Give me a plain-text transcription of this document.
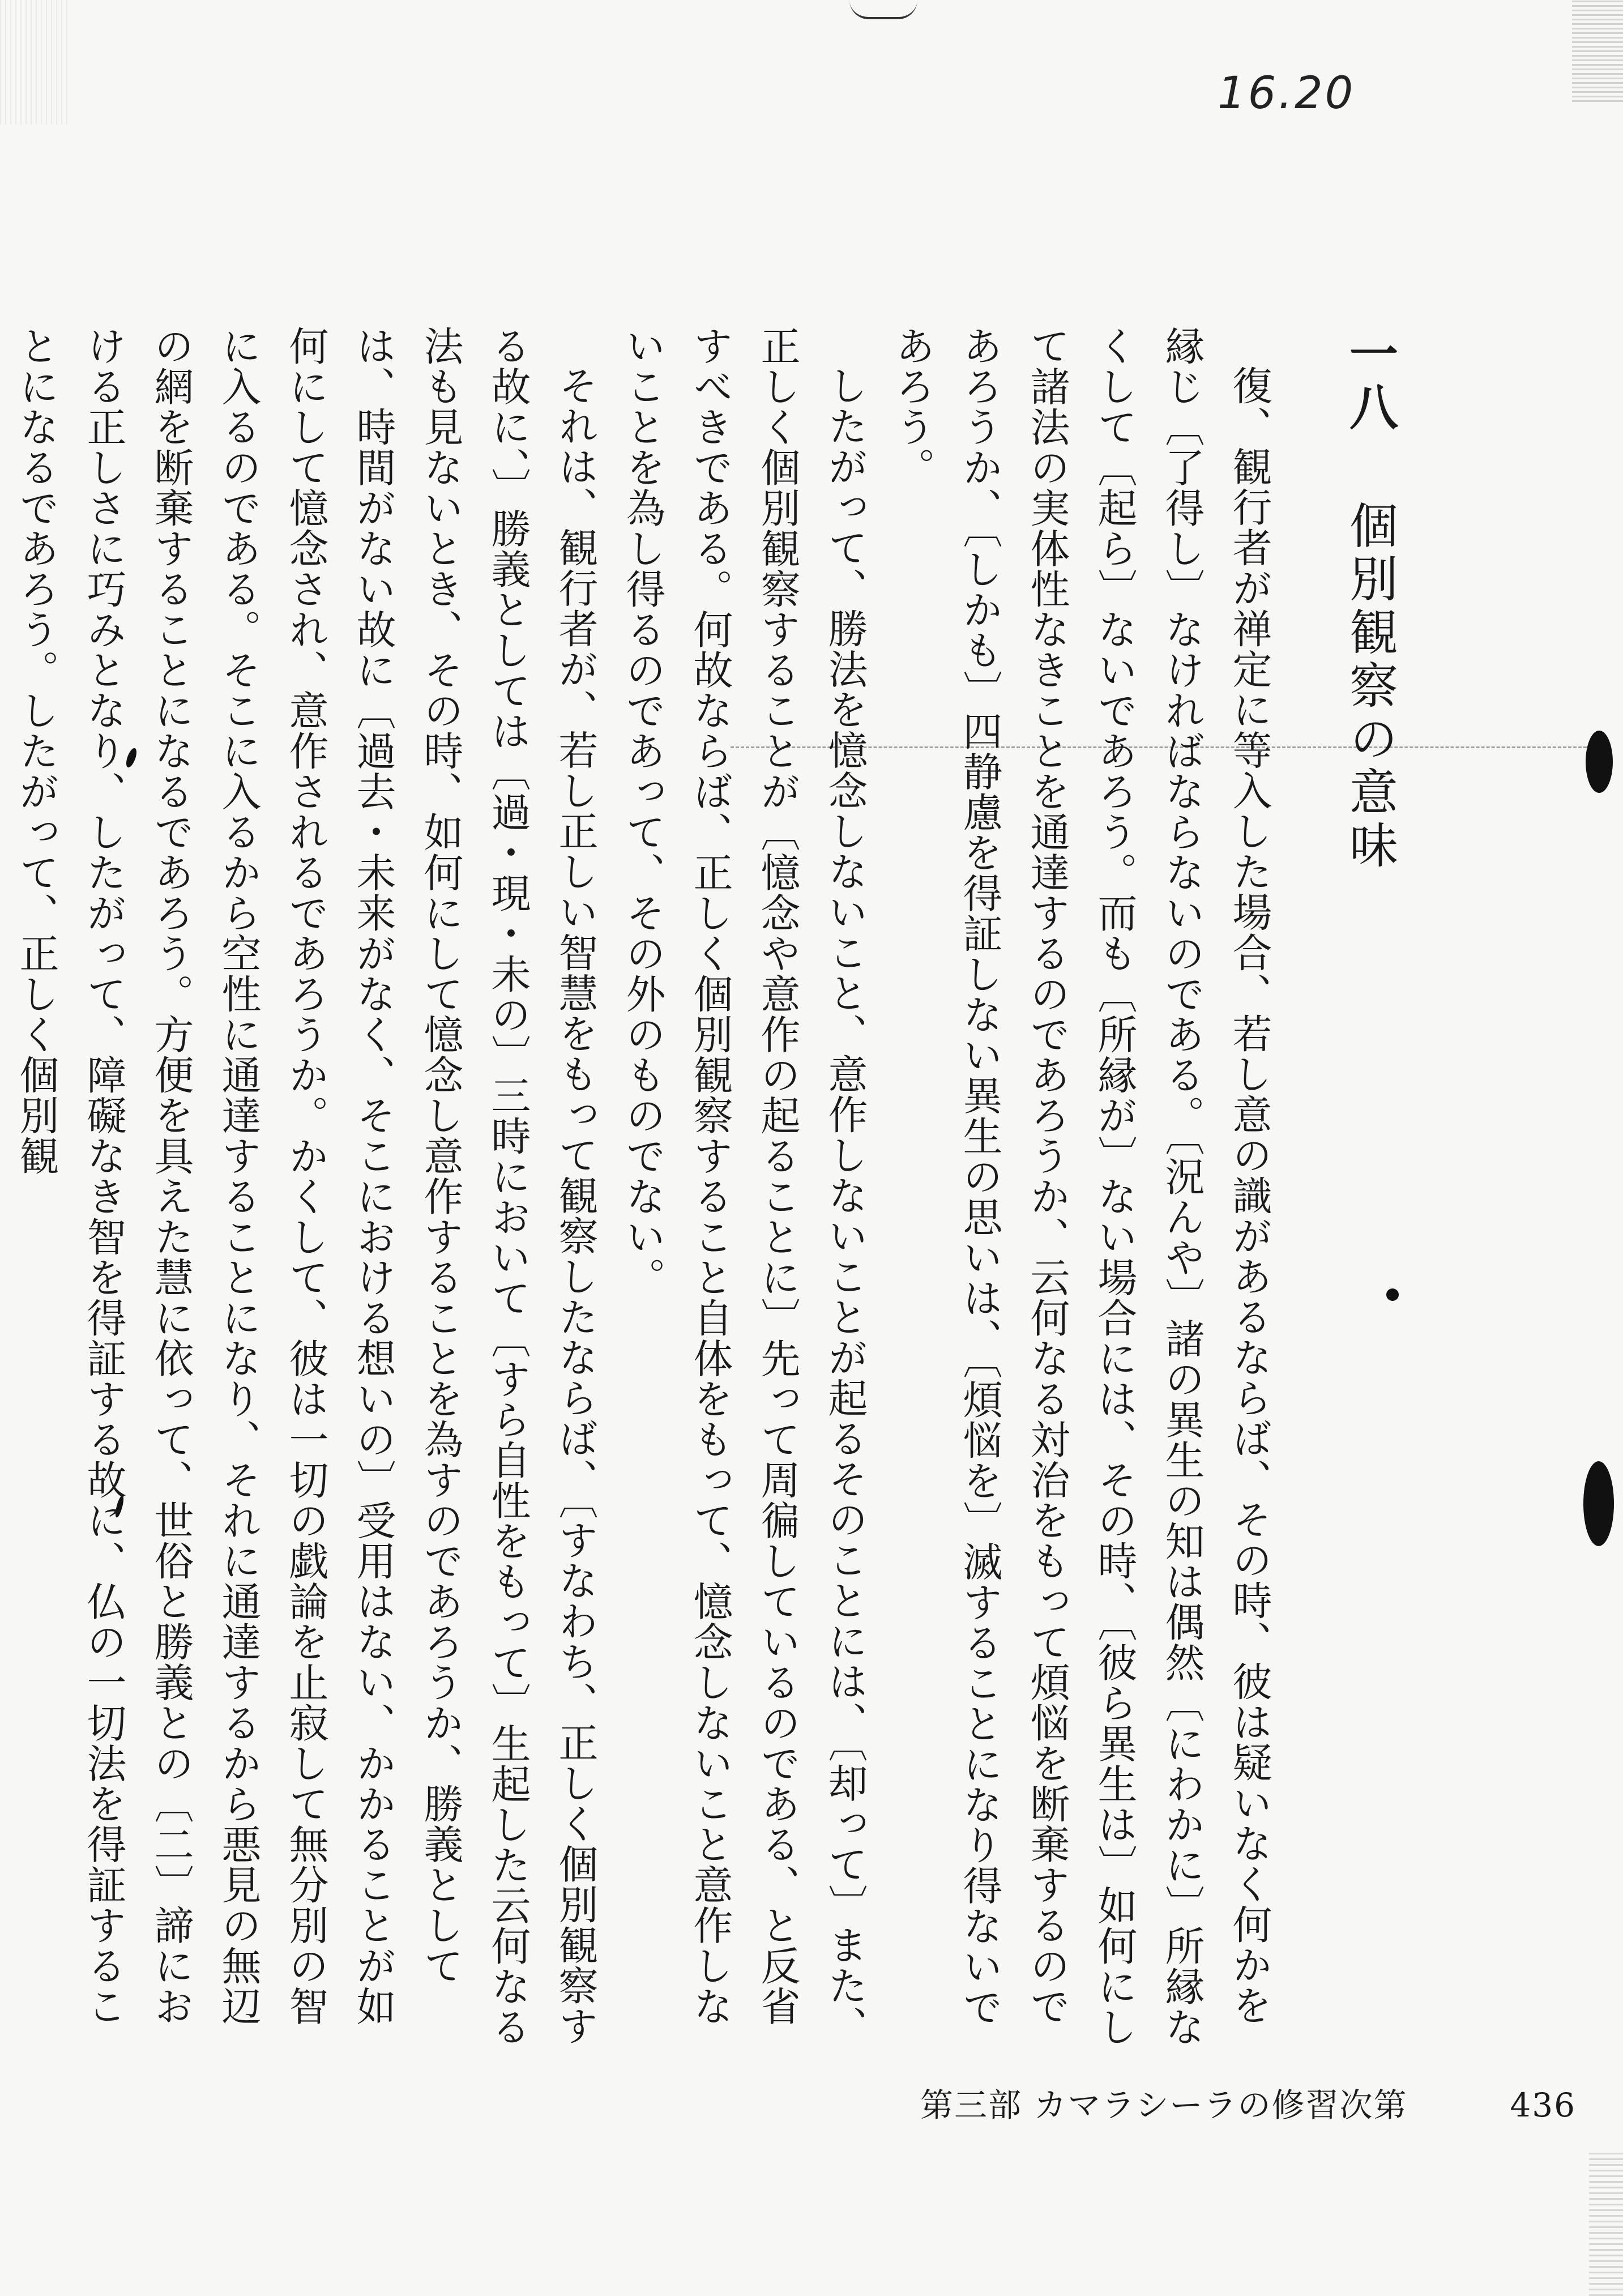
16.20
一八 個別観察の意味

復、観行者が禅定に等入した場合、若し意の識があるならば、その時、彼は疑いなく何かを縁じ〔了得し〕なければならないのである。〔況んや〕諸の異生の知は偶然〔にわかに〕所縁なくして〔起ら〕ないであろう。而も〔所縁が〕ない場合には、その時、〔彼ら異生は〕如何にして諸法の実体性なきことを通達するのであろうか、云何なる対治をもって煩悩を断棄するのであろうか、〔しかも〕四静慮を得証しない異生の思いは、〔煩悩を〕滅することになり得ないであろう。

したがって、勝法を憶念しないこと、意作しないことが起るそのことには、〔却って〕また、正しく個別観察することが〔憶念や意作の起ることに〕先って周徧しているのである、と反省すべきである。何故ならば、正しく個別観察すること自体をもって、憶念しないこと意作しないことを為し得るのであって、その外のものでない。

それは、観行者が、若し正しい智慧をもって観察したならば、〔すなわち、正しく個別観察する故に、〕勝義としては〔過・現・未の〕三時において〔すら自性をもって〕生起した云何なる法も見ないとき、その時、如何にして憶念し意作することを為すのであろうか、勝義としては、時間がない故に〔過去・未来がなく、そこにおける想いの〕受用はない、かかることが如何にして憶念され、意作されるであろうか。かくして、彼は一切の戯論を止寂して無分別の智に入るのである。そこに入るから空性に通達することになり、それに通達するから悪見の無辺の網を断棄することになるであろう。方便を具えた慧に依って、世俗と勝義との〔二〕諦における正しさに巧みとなり、したがって、障礙なき智を得証する故に、仏の一切法を得証することになるであろう。したがって、正しく個別観

第三部 カマラシーラの修習次第	436
